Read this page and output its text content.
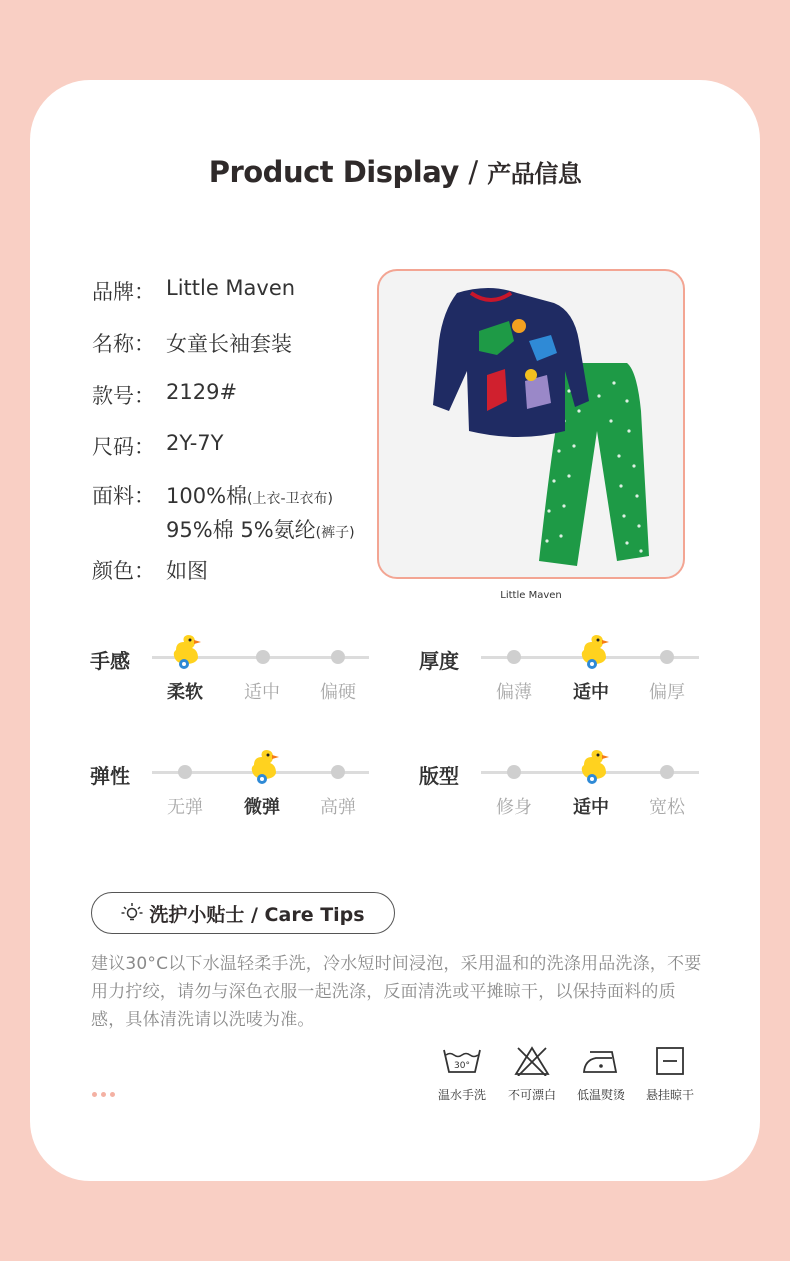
Product Display / 产品信息
品牌： Little Maven
名称： 女童长袖套装
款号： 2129#
尺码： 2Y-7Y
面料： 100%棉(上衣-卫衣布)
95%棉 5%氨纶(裤子)
颜色： 如图
Little Maven
手感
柔软	适中	偏硬
厚度
偏薄	适中	偏厚
弹性
无弹	微弹	高弹
版型
修身	适中	宽松
洗护小贴士 / Care Tips
建议30°C以下水温轻柔手洗，冷水短时间浸泡，采用温和的洗涤用品洗涤，不要用力拧绞，请勿与深色衣服一起洗涤，反面清洗或平摊晾干，以保持面料的质感，具体清洗请以洗唛为准。
30°
温水手洗	不可漂白	低温熨烫	悬挂晾干
